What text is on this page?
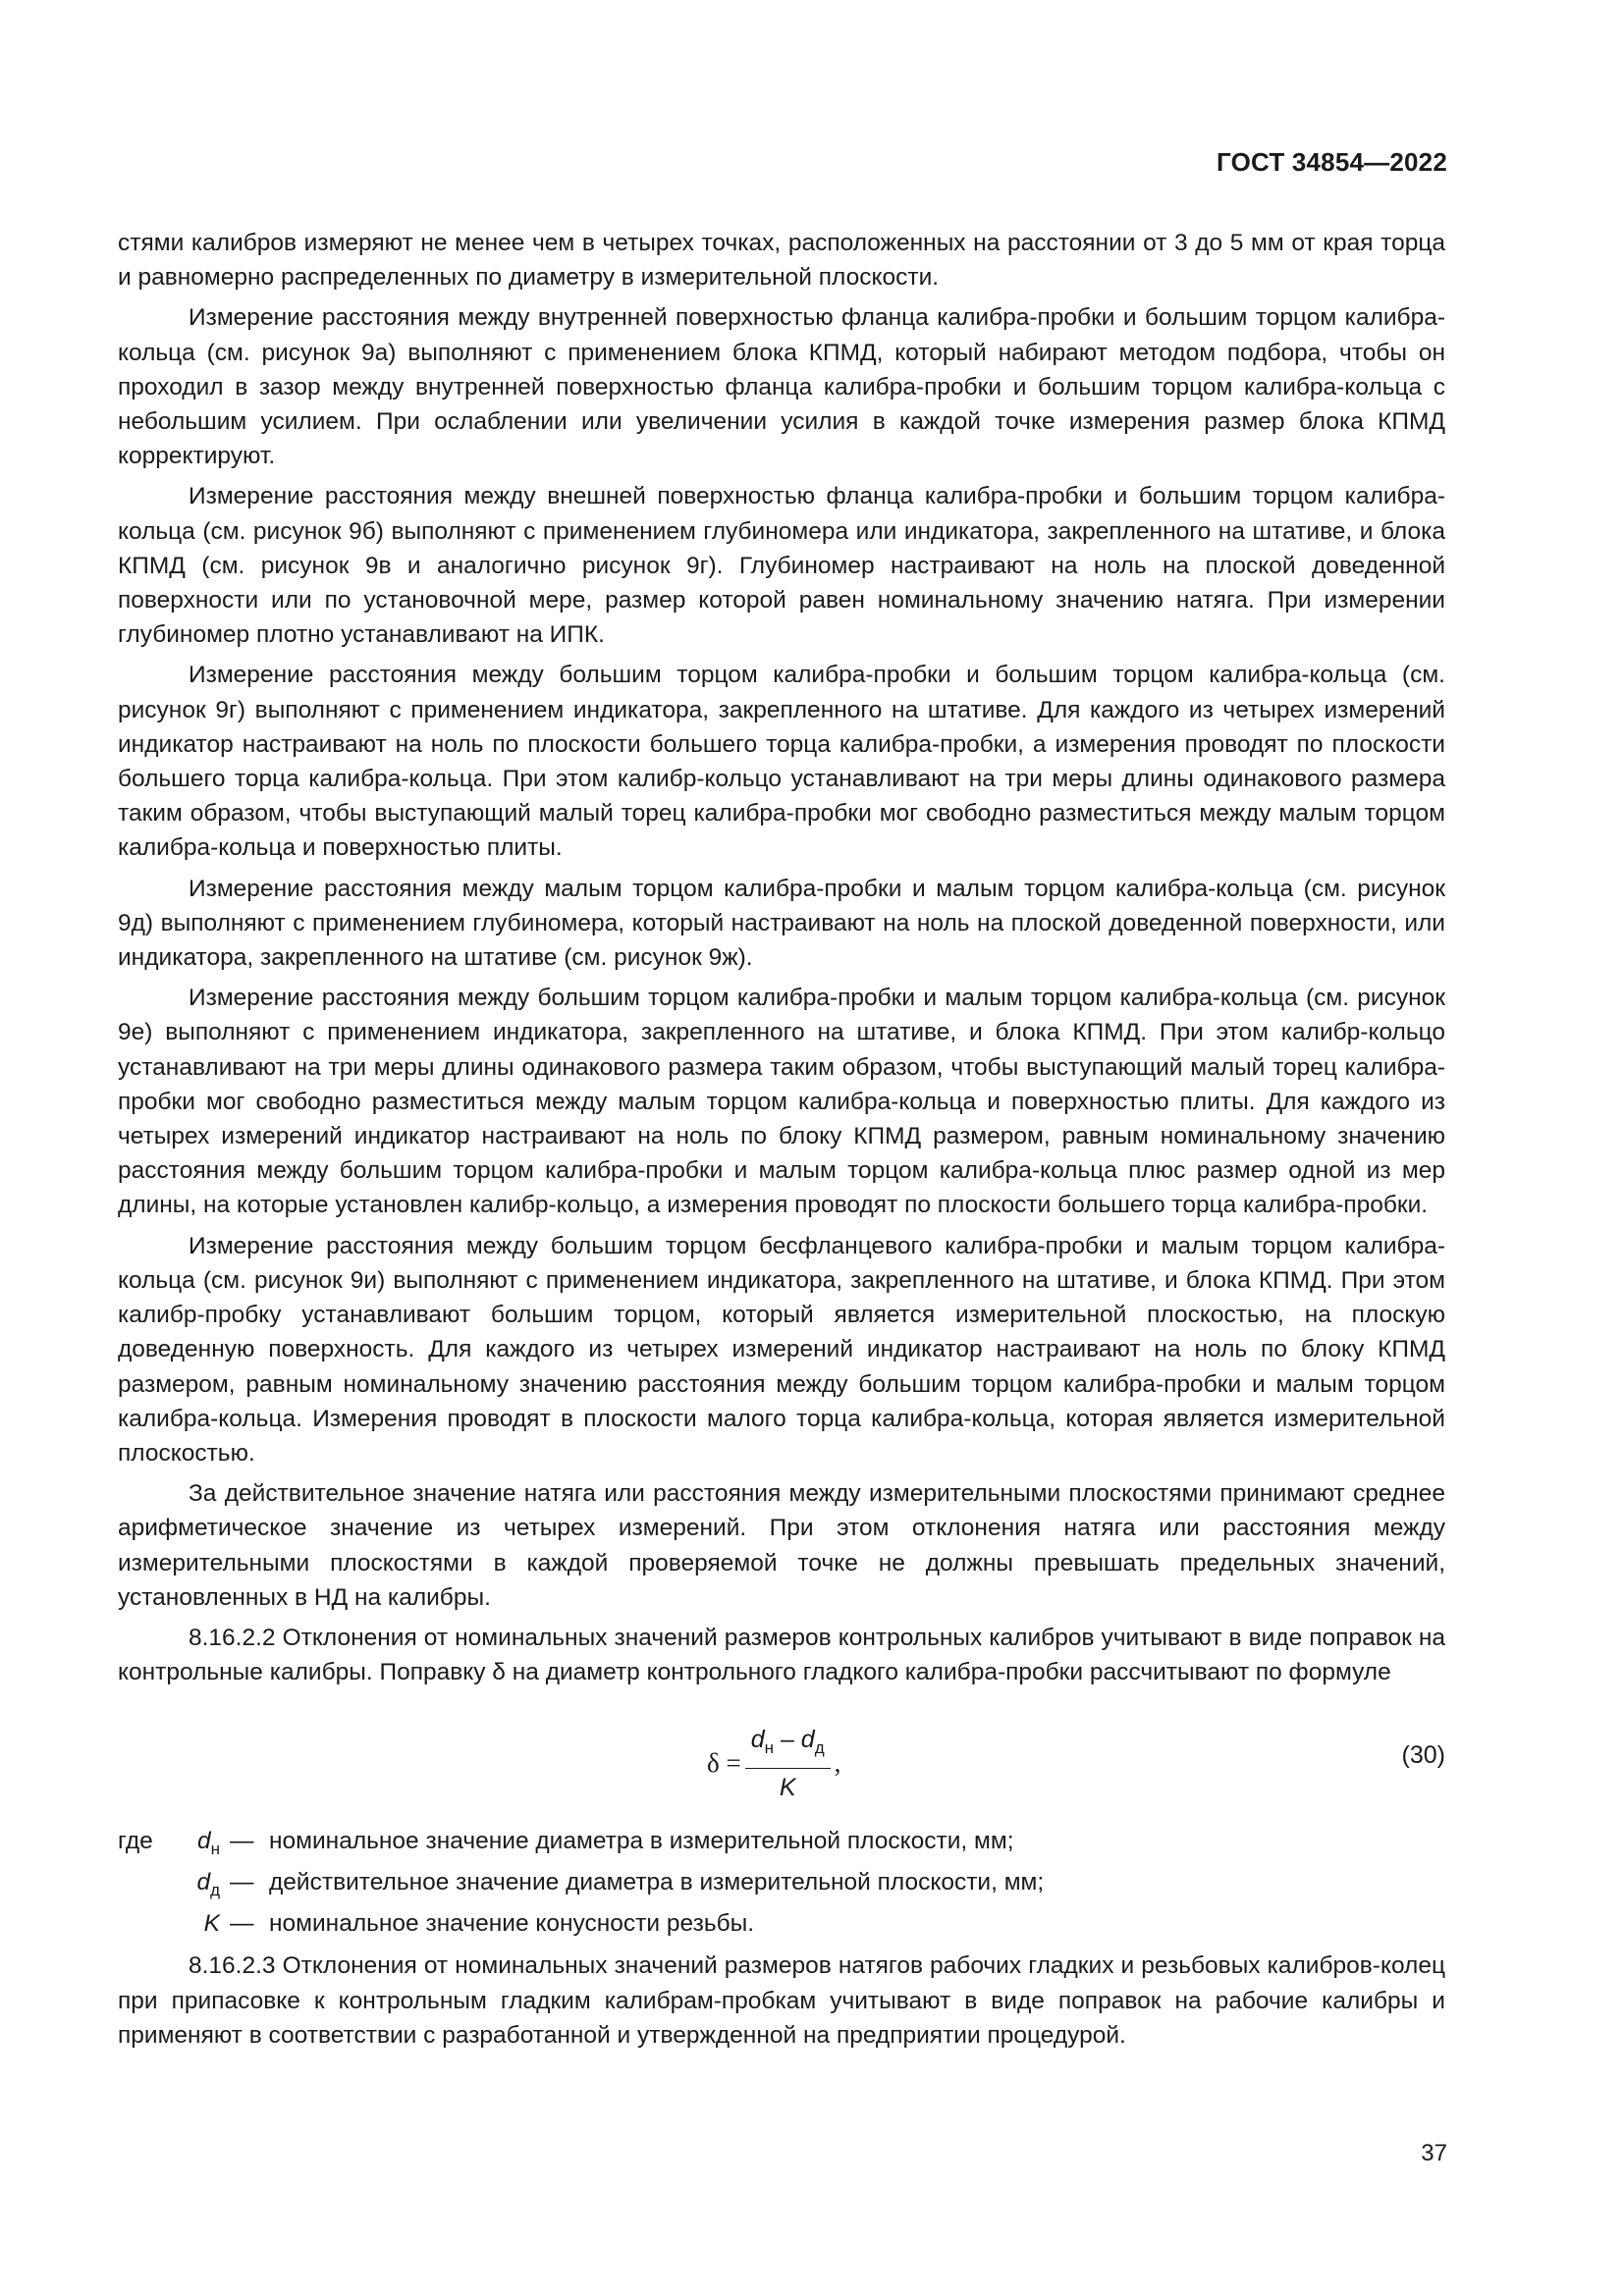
ГОСТ 34854—2022

стями калибров измеряют не менее чем в четырех точках, расположенных на расстоянии от 3 до 5 мм от края торца и равномерно распределенных по диаметру в измерительной плоскости.

Измерение расстояния между внутренней поверхностью фланца калибра-пробки и большим торцом калибра-кольца (см. рисунок 9а) выполняют с применением блока КПМД, который набирают методом подбора, чтобы он проходил в зазор между внутренней поверхностью фланца калибра-пробки и большим торцом калибра-кольца с небольшим усилием. При ослаблении или увеличении усилия в каждой точке измерения размер блока КПМД корректируют.

Измерение расстояния между внешней поверхностью фланца калибра-пробки и большим торцом калибра-кольца (см. рисунок 9б) выполняют с применением глубиномера или индикатора, закрепленного на штативе, и блока КПМД (см. рисунок 9в и аналогично рисунок 9г). Глубиномер настраивают на ноль на плоской доведенной поверхности или по установочной мере, размер которой равен номинальному значению натяга. При измерении глубиномер плотно устанавливают на ИПК.

Измерение расстояния между большим торцом калибра-пробки и большим торцом калибра-кольца (см. рисунок 9г) выполняют с применением индикатора, закрепленного на штативе. Для каждого из четырех измерений индикатор настраивают на ноль по плоскости большего торца калибра-пробки, а измерения проводят по плоскости большего торца калибра-кольца. При этом калибр-кольцо устанавливают на три меры длины одинакового размера таким образом, чтобы выступающий малый торец калибра-пробки мог свободно разместиться между малым торцом калибра-кольца и поверхностью плиты.

Измерение расстояния между малым торцом калибра-пробки и малым торцом калибра-кольца (см. рисунок 9д) выполняют с применением глубиномера, который настраивают на ноль на плоской доведенной поверхности, или индикатора, закрепленного на штативе (см. рисунок 9ж).

Измерение расстояния между большим торцом калибра-пробки и малым торцом калибра-кольца (см. рисунок 9е) выполняют с применением индикатора, закрепленного на штативе, и блока КПМД. При этом калибр-кольцо устанавливают на три меры длины одинакового размера таким образом, чтобы выступающий малый торец калибра-пробки мог свободно разместиться между малым торцом калибра-кольца и поверхностью плиты. Для каждого из четырех измерений индикатор настраивают на ноль по блоку КПМД размером, равным номинальному значению расстояния между большим торцом калибра-пробки и малым торцом калибра-кольца плюс размер одной из мер длины, на которые установлен калибр-кольцо, а измерения проводят по плоскости большего торца калибра-пробки.

Измерение расстояния между большим торцом бесфланцевого калибра-пробки и малым торцом калибра-кольца (см. рисунок 9и) выполняют с применением индикатора, закрепленного на штативе, и блока КПМД. При этом калибр-пробку устанавливают большим торцом, который является измерительной плоскостью, на плоскую доведенную поверхность. Для каждого из четырех измерений индикатор настраивают на ноль по блоку КПМД размером, равным номинальному значению расстояния между большим торцом калибра-пробки и малым торцом калибра-кольца. Измерения проводят в плоскости малого торца калибра-кольца, которая является измерительной плоскостью.

За действительное значение натяга или расстояния между измерительными плоскостями принимают среднее арифметическое значение из четырех измерений. При этом отклонения натяга или расстояния между измерительными плоскостями в каждой проверяемой точке не должны превышать предельных значений, установленных в НД на калибры.

8.16.2.2 Отклонения от номинальных значений размеров контрольных калибров учитывают в виде поправок на контрольные калибры. Поправку δ на диаметр контрольного гладкого калибра-пробки рассчитывают по формуле

$\delta = \frac{d_н - d_д}{K}$ ,	(30)
где	$d_н$ — номинальное значение диаметра в измерительной плоскости, мм;
$d_д$ — действительное значение диаметра в измерительной плоскости, мм;
K — номинальное значение конусности резьбы.

8.16.2.3 Отклонения от номинальных значений размеров натягов рабочих гладких и резьбовых калибров-колец при припасовке к контрольным гладким калибрам-пробкам учитывают в виде поправок на рабочие калибры и применяют в соответствии с разработанной и утвержденной на предприятии процедурой.

37
